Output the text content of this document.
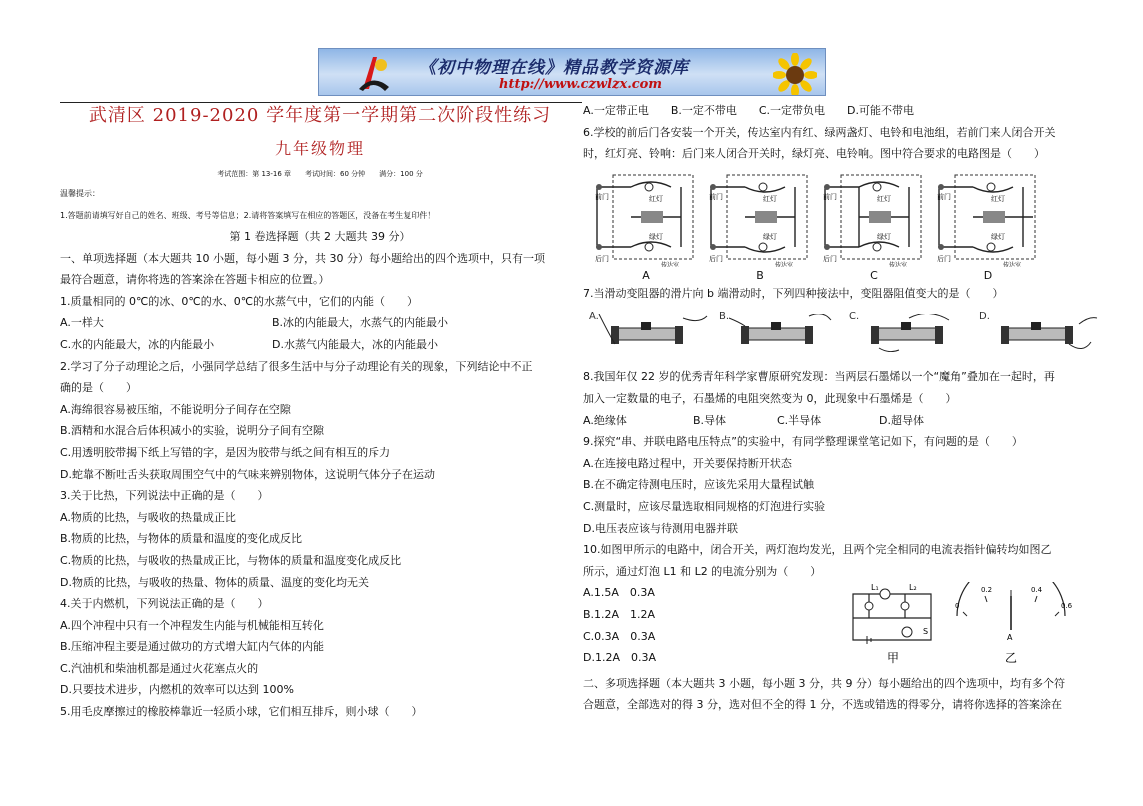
《初中物理在线》精品教学资源库
http://www.czwlzx.com

武清区 2019-2020 学年度第一学期第二次阶段性练习

九年级物理

考试范围：第 13-16 章　　考试时间：60 分钟　　满分：100 分

温馨提示：

1.答题前请填写好自己的姓名、班级、考号等信息；2.请将答案填写在相应的答题区，没备在考生复印件！

第 1 卷选择题（共 2 大题共 39 分）

一、单项选择题（本大题共 10 小题，每小题 3 分，共 30 分）每小题给出的四个选项中，只有一项

最符合题意，请你将选的答案涂在答题卡相应的位置。）

1.质量相同的 0℃的冰、0℃的水、0℃的水蒸气中，它们的内能（　　）

A.一样大	B.冰的内能最大，水蒸气的内能最小
C.水的内能最大，冰的内能最小	D.水蒸气内能最大，冰的内能最小

2.学习了分子动理论之后，小强同学总结了很多生活中与分子动理论有关的现象，下列结论中不正

确的是（　　）

A.海绵很容易被压缩，不能说明分子间存在空隙

B.酒精和水混合后体积减小的实验，说明分子间有空隙

C.用透明胶带揭下纸上写错的字，是因为胶带与纸之间有相互的斥力

D.蛇靠不断吐舌头获取周围空气中的气味来辨别物体，这说明气体分子在运动

3.关于比热，下列说法中正确的是（　　）

A.物质的比热，与吸收的热量成正比

B.物质的比热，与物体的质量和温度的变化成反比

C.物质的比热，与吸收的热量成正比，与物体的质量和温度变化成反比

D.物质的比热，与吸收的热量、物体的质量、温度的变化均无关

4.关于内燃机，下列说法正确的是（　　）

A.四个冲程中只有一个冲程发生内能与机械能相互转化

B.压缩冲程主要是通过做功的方式增大缸内气体的内能

C.汽油机和柴油机都是通过火花塞点火的

D.只要技术进步，内燃机的效率可以达到 100%

5.用毛皮摩擦过的橡胶棒靠近一轻质小球，它们相互排斥，则小球（　　）

A.一定带正电　　B.一定不带电　　C.一定带负电　　D.可能不带电

6.学校的前后门各安装一个开关，传达室内有红、绿两盏灯、电铃和电池组，若前门来人闭合开关

时，红灯亮、铃响：后门来人闭合开关时，绿灯亮、电铃响。图中符合要求的电路图是（　　）

前门
后门
红灯
绿灯
传达室
A
前门
后门
红灯
绿灯
传达室
B
前门
后门
红灯
绿灯
传达室
C
前门
后门
红灯
绿灯
传达室
D

7.当滑动变阻器的滑片向 b 端滑动时，下列四种接法中，变阻器阻值变大的是（　　）

A.	B.	C.	D.

8.我国年仅 22 岁的优秀青年科学家曹原研究发现：当两层石墨烯以一个“魔角”叠加在一起时，再

加入一定数量的电子，石墨烯的电阻突然变为 0，此现象中石墨烯是（　　）

A.绝缘体	B.导体	C.半导体	D.超导体

9.探究“串、并联电路电压特点”的实验中，有同学整理课堂笔记如下，有问题的是（　　）

A.在连接电路过程中，开关要保持断开状态

B.在不确定待测电压时，应该先采用大量程试触

C.测量时，应该尽量选取相同规格的灯泡进行实验

D.电压表应该与待测用电器并联

10.如图甲所示的电路中，闭合开关，两灯泡均发光，且两个完全相同的电流表指针偏转均如图乙

所示，通过灯泡 L1 和 L2 的电流分别为（　　）

A.1.5A　0.3A

B.1.2A　1.2A

C.0.3A　0.3A

D.1.2A　0.3A

二、多项选择题（本大题共 3 小题，每小题 3 分，共 9 分）每小题给出的四个选项中，均有多个符

合题意，全部选对的得 3 分，选对但不全的得 1 分，不选或错选的得零分，请将你选择的答案涂在

L₁	L₂
S
甲
0
0.2	0.4
0.6
A
乙
